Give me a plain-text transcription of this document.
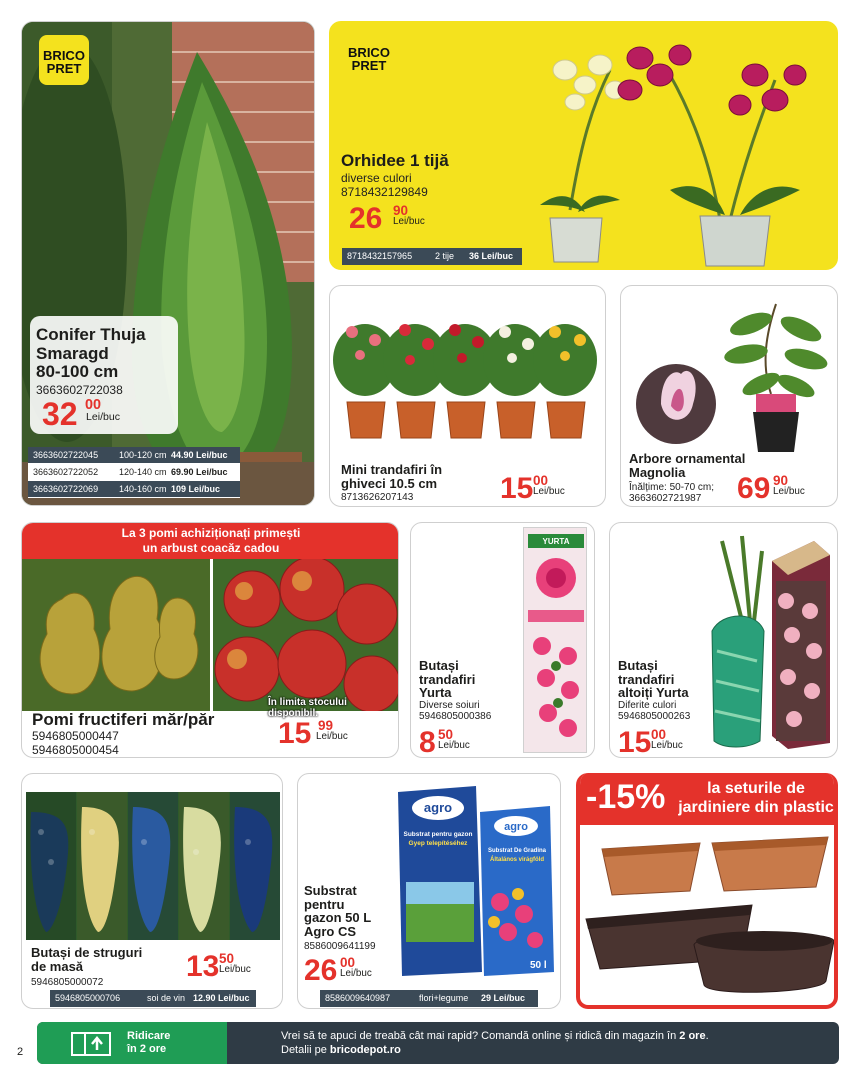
BRICO
PRET
Conifer Thuja
Smaragd
80-100 cm
3663602722038
32 00
Lei/buc
3663602722045 100-120 cm 44.90 Lei/buc
3663602722052 120-140 cm 69.90 Lei/buc
3663602722069 140-160 cm 109 Lei/buc
BRICO
PRET
Orhidee 1 tijă
diverse culori
8718432129849
26 90
Lei/buc
8718432157965	2 tije 36 Lei/buc
Mini trandafiri în
ghiveci 10.5 cm
8713626207143	15 00
Lei/buc
Arbore ornamental
Magnolia
Înălțime: 50-70 cm;
3663602721987 69 90
Lei/buc
La 3 pomi achiziționați primești
un arbust coacăz cadou
În limita stocului disponibil.
Pomi fructiferi măr/păr
5946805000447
5946805000454	15 99
Lei/buc
YURTA
Butași
trandafiri
Yurta
Diverse soiuri
5946805000386
8 50
Lei/buc
Butași
trandafiri
altoiți Yurta
Diferite culori
5946805000263
15 00
Lei/buc
Butași de struguri
de masă
5946805000072	13 50
Lei/buc
5946805000706	soi de vin 12.90 Lei/buc
agro
Substrat pentru gazon
Gyep telepítéséhez
agro
Substrat De Gradina
Általános virágföld
50 l
Substrat
pentru
gazon 50 L
Agro CS
8586009641199
26 00
Lei/buc
8586009640987	flori+legume 29 Lei/buc
-15%	la seturile de
jardiniere din plastic
2
Ridicare
în 2 ore
Vrei să te apuci de treabă cât mai rapid? Comandă online și ridică din magazin în 2 ore.
Detalii pe bricodepot.ro
